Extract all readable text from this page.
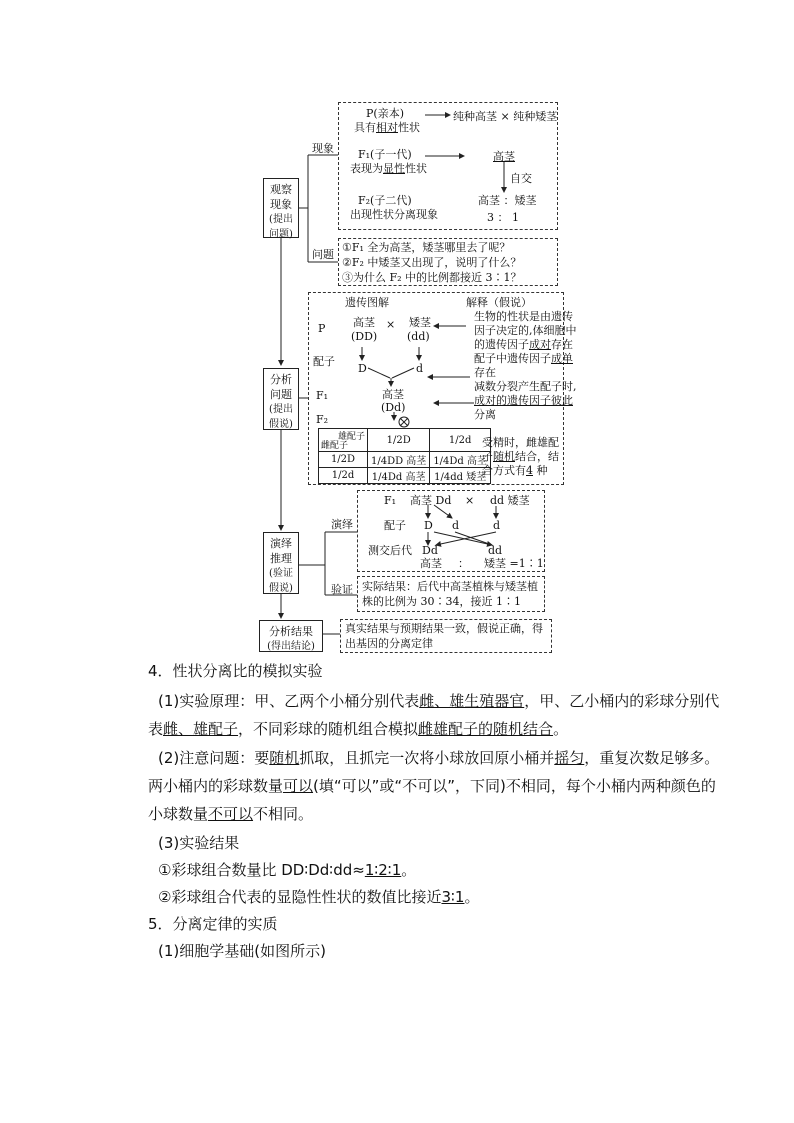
观察
现象
(提出
问题)
分析
问题
(提出
假说)
演绎
推理
(验证
假说)
分析结果
(得出结论)
现象
问题
演绎
验证
P(亲本)
具有相对性状
纯种高茎 × 纯种矮茎
F₁(子一代)
表现为显性性状
高茎
自交
F₂(子二代)
出现性状分离现象
高茎 ：矮茎
3 ： 1
①F₁ 全为高茎，矮茎哪里去了呢？
②F₂ 中矮茎又出现了，说明了什么？
③为什么 F₂ 中的比例都接近 3∶1？
遗传图解	解释（假说）
P	高茎
(DD)
× 矮茎
(dd)
配子
D	d
F₁	高茎
(Dd)
F₂
生物的性状是由遗传
因子决定的,体细胞中
的遗传因子成对存在
配子中遗传因子成单
存在
减数分裂产生配子时,
成对的遗传因子彼此
分离
雄配子
雌配子	1/2D	1/2d
1/2D	1/4DD 高茎	1/4Dd 高茎
1/2d	1/4Dd 高茎	1/4dd 矮茎
受精时，雌雄配
子随机结合，结
合方式有4 种
F₁ 高茎 Dd × dd 矮茎
配子 D d	d
测交后代 Dd	dd
高茎 ： 矮茎 =1∶1
实际结果：后代中高茎植株与矮茎植
株的比例为 30∶34，接近 1∶1
真实结果与预期结果一致，假说正确，得
出基因的分离定律
4．性状分离比的模拟实验
(1)实验原理：甲、乙两个小桶分别代表雌、雄生殖器官，甲、乙小桶内的彩球分别代
表雌、雄配子，不同彩球的随机组合模拟雌雄配子的随机结合。
(2)注意问题：要随机抓取，且抓完一次将小球放回原小桶并摇匀，重复次数足够多。
两小桶内的彩球数量可以(填“可以”或“不可以”，下同)不相同，每个小桶内两种颜色的
小球数量不可以不相同。
(3)实验结果
①彩球组合数量比 DD∶Dd∶dd≈1∶2∶1。
②彩球组合代表的显隐性性状的数值比接近3∶1。
5．分离定律的实质
(1)细胞学基础(如图所示)
